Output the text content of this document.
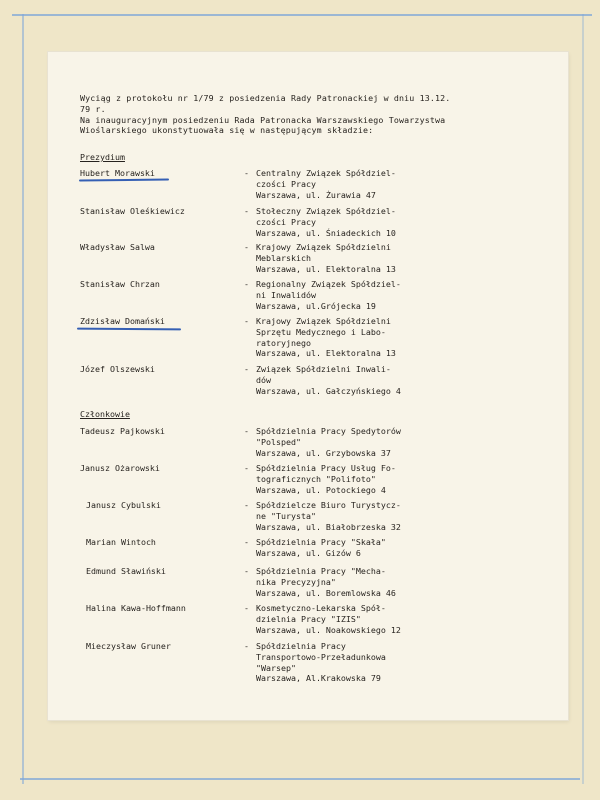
Wyciąg z protokołu nr 1/79 z posiedzenia Rady Patronackiej w dniu 13.12.
79 r.
Na inauguracyjnym posiedzeniu Rada Patronacka Warszawskiego Towarzystwa
Wioślarskiego ukonstytuowała się w następującym składzie:
Prezydium
Hubert Morawski	- Centralny Związek Spółdziel-
czości Pracy
Warszawa, ul. Żurawia 47
Stanisław Oleśkiewicz	- Stołeczny Związek Spółdziel-
czości Pracy
Warszawa, ul. Śniadeckich 10
Władysław Salwa	- Krajowy Związek Spółdzielni
Meblarskich
Warszawa, ul. Elektoralna 13
Stanisław Chrzan	- Regionalny Związek Spółdziel-
ni Inwalidów
Warszawa, ul.Grójecka 19
Zdzisław Domański	- Krajowy Związek Spółdzielni
Sprzętu Medycznego i Labo-
ratoryjnego
Warszawa, ul. Elektoralna 13
Józef Olszewski	- Związek Spółdzielni Inwali-
dów
Warszawa, ul. Gałczyńskiego 4
Członkowie
Tadeusz Pajkowski	- Spółdzielnia Pracy Spedytorów
"Polsped"
Warszawa, ul. Grzybowska 37
Janusz Ożarowski	- Spółdzielnia Pracy Usług Fo-
tograficznych "Polifoto"
Warszawa, ul. Potockiego 4
Janusz Cybulski	- Spółdzielcze Biuro Turystycz-
ne "Turysta"
Warszawa, ul. Białobrzeska 32
Marian Wintoch	- Spółdzielnia Pracy "Skała"
Warszawa, ul. Gizów 6
Edmund Sławiński	- Spółdzielnia Pracy "Mecha-
nika Precyzyjna"
Warszawa, ul. Boremlowska 46
Halina Kawa-Hoffmann	- Kosmetyczno-Lekarska Spół-
dzielnia Pracy "IZIS"
Warszawa, ul. Noakowskiego 12
Mieczysław Gruner	- Spółdzielnia Pracy
Transportowo-Przeładunkowa
"Warsep"
Warszawa, Al.Krakowska 79
